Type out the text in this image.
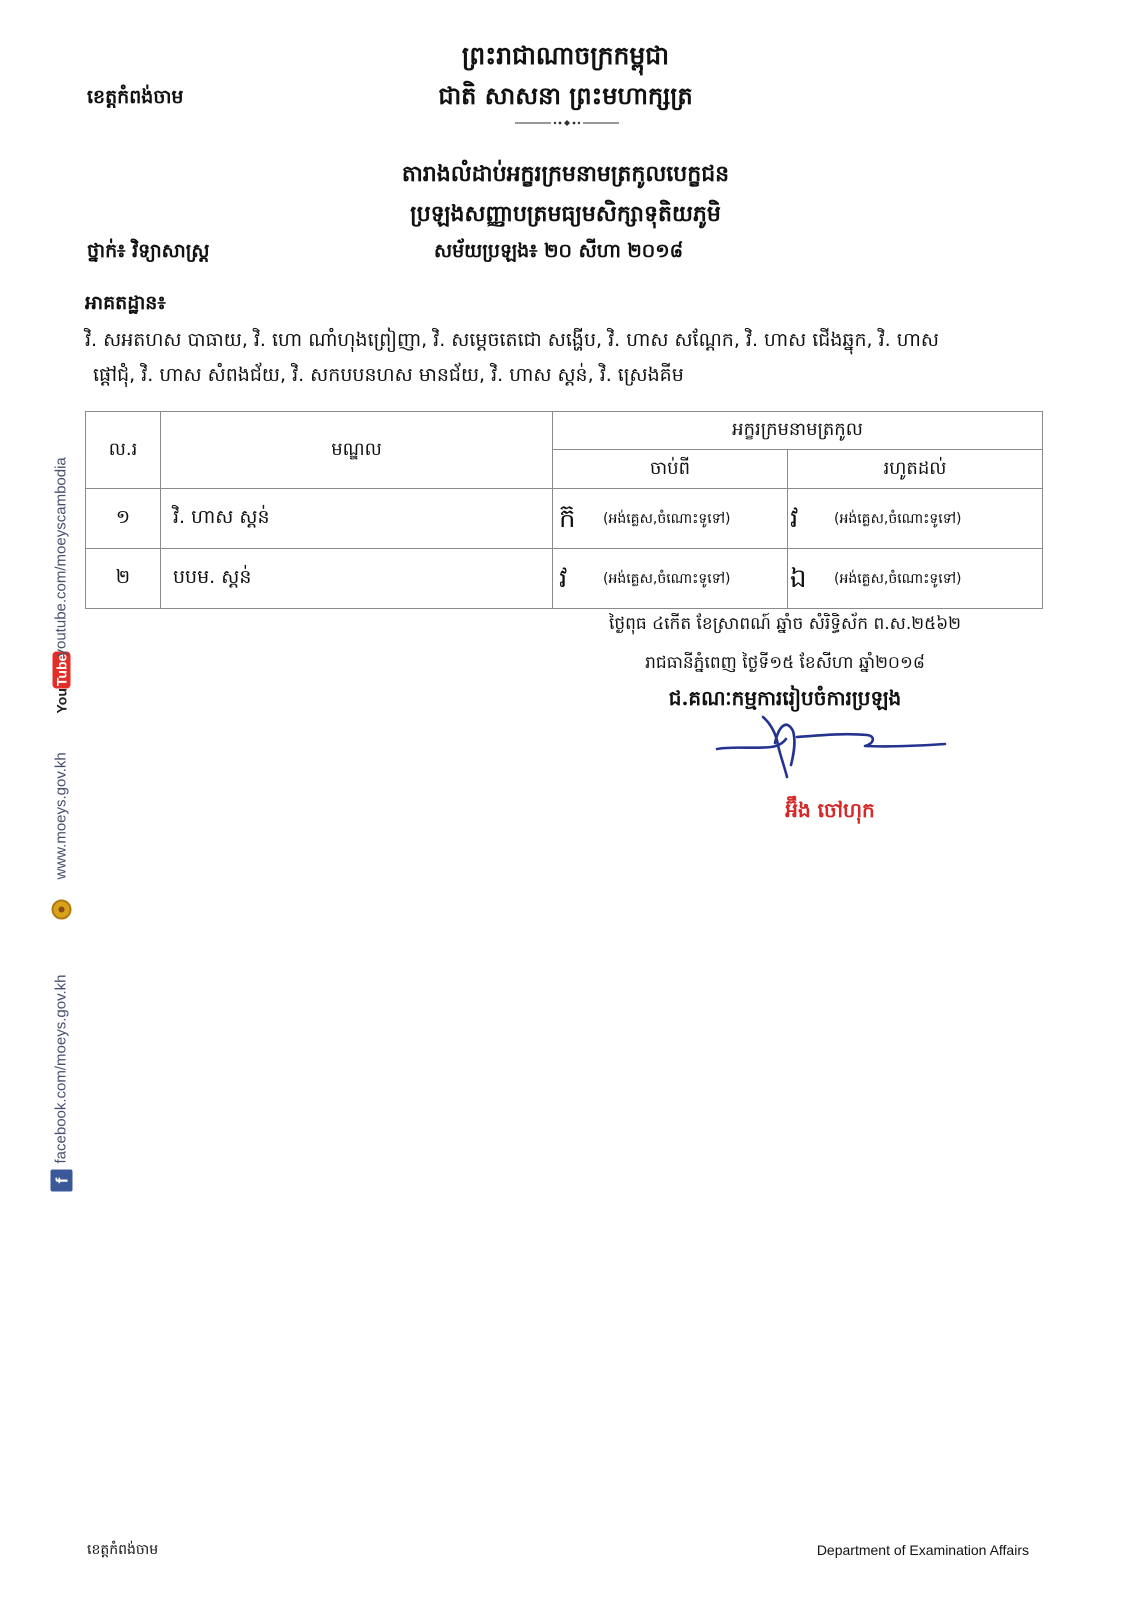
ព្រះរាជាណាចក្រកម្ពុជា
ជាតិ សាសនា ព្រះមហាក្សត្រ
ខេត្តកំពង់ចាម
តារាងលំដាប់អក្ខរក្រមនាមត្រកូលបេក្ខជន
ប្រឡងសញ្ញាបត្រមធ្យមសិក្សាទុតិយភូមិ
ថ្នាក់៖ វិទ្យាសាស្ត្រ	សម័យប្រឡង៖ ២០ សីហា ២០១៨
អាគតដ្ឋាន៖
វិ. សអតហស បាធាយ, វិ. ហោ ណាំហុងព្រៀញា, វិ. សម្តេចតេជោ សង្ហើប, វិ. ហាស សណ្តែក, វិ. ហាស ជើងឆ្នុក, វិ. ហាស
ផ្តៅជុំ, វិ. ហាស សំពងជ័យ, វិ. សកបបនហស មានជ័យ, វិ. ហាស ស្តន់, វិ. ស្រេងគីម
ល.រ	មណ្ឌល	អក្ខរក្រមនាមត្រកូល	
		ចាប់ពី	រហូតដល់
១	វិ. ហាស ស្តន់	ក៊ (អង់គ្លេស,ចំណោះទូទៅ)	វ (អង់គ្លេស,ចំណោះទូទៅ)

២	បបម. ស្តន់	វ (អង់គ្លេស,ចំណោះទូទៅ)	ឯ (អង់គ្លេស,ចំណោះទូទៅ)
ថ្ងៃពុធ ៤កើត ខែស្រាពណ៍ ឆ្នាំច សំរិទ្ធិស័ក ព.ស.២៥៦២
រាជធានីភ្នំពេញ ថ្ងៃទី១៥ ខែសីហា ឆ្នាំ២០១៨
ជ.គណៈកម្មការរៀបចំការប្រឡង
អ៊ឹង ចៅហុក
f
facebook.com/moeys.gov.kh
www.moeys.gov.kh
YouTube
youtube.com/moeyscambodia
ខេត្តកំពង់ចាម	Department of Examination Affairs
